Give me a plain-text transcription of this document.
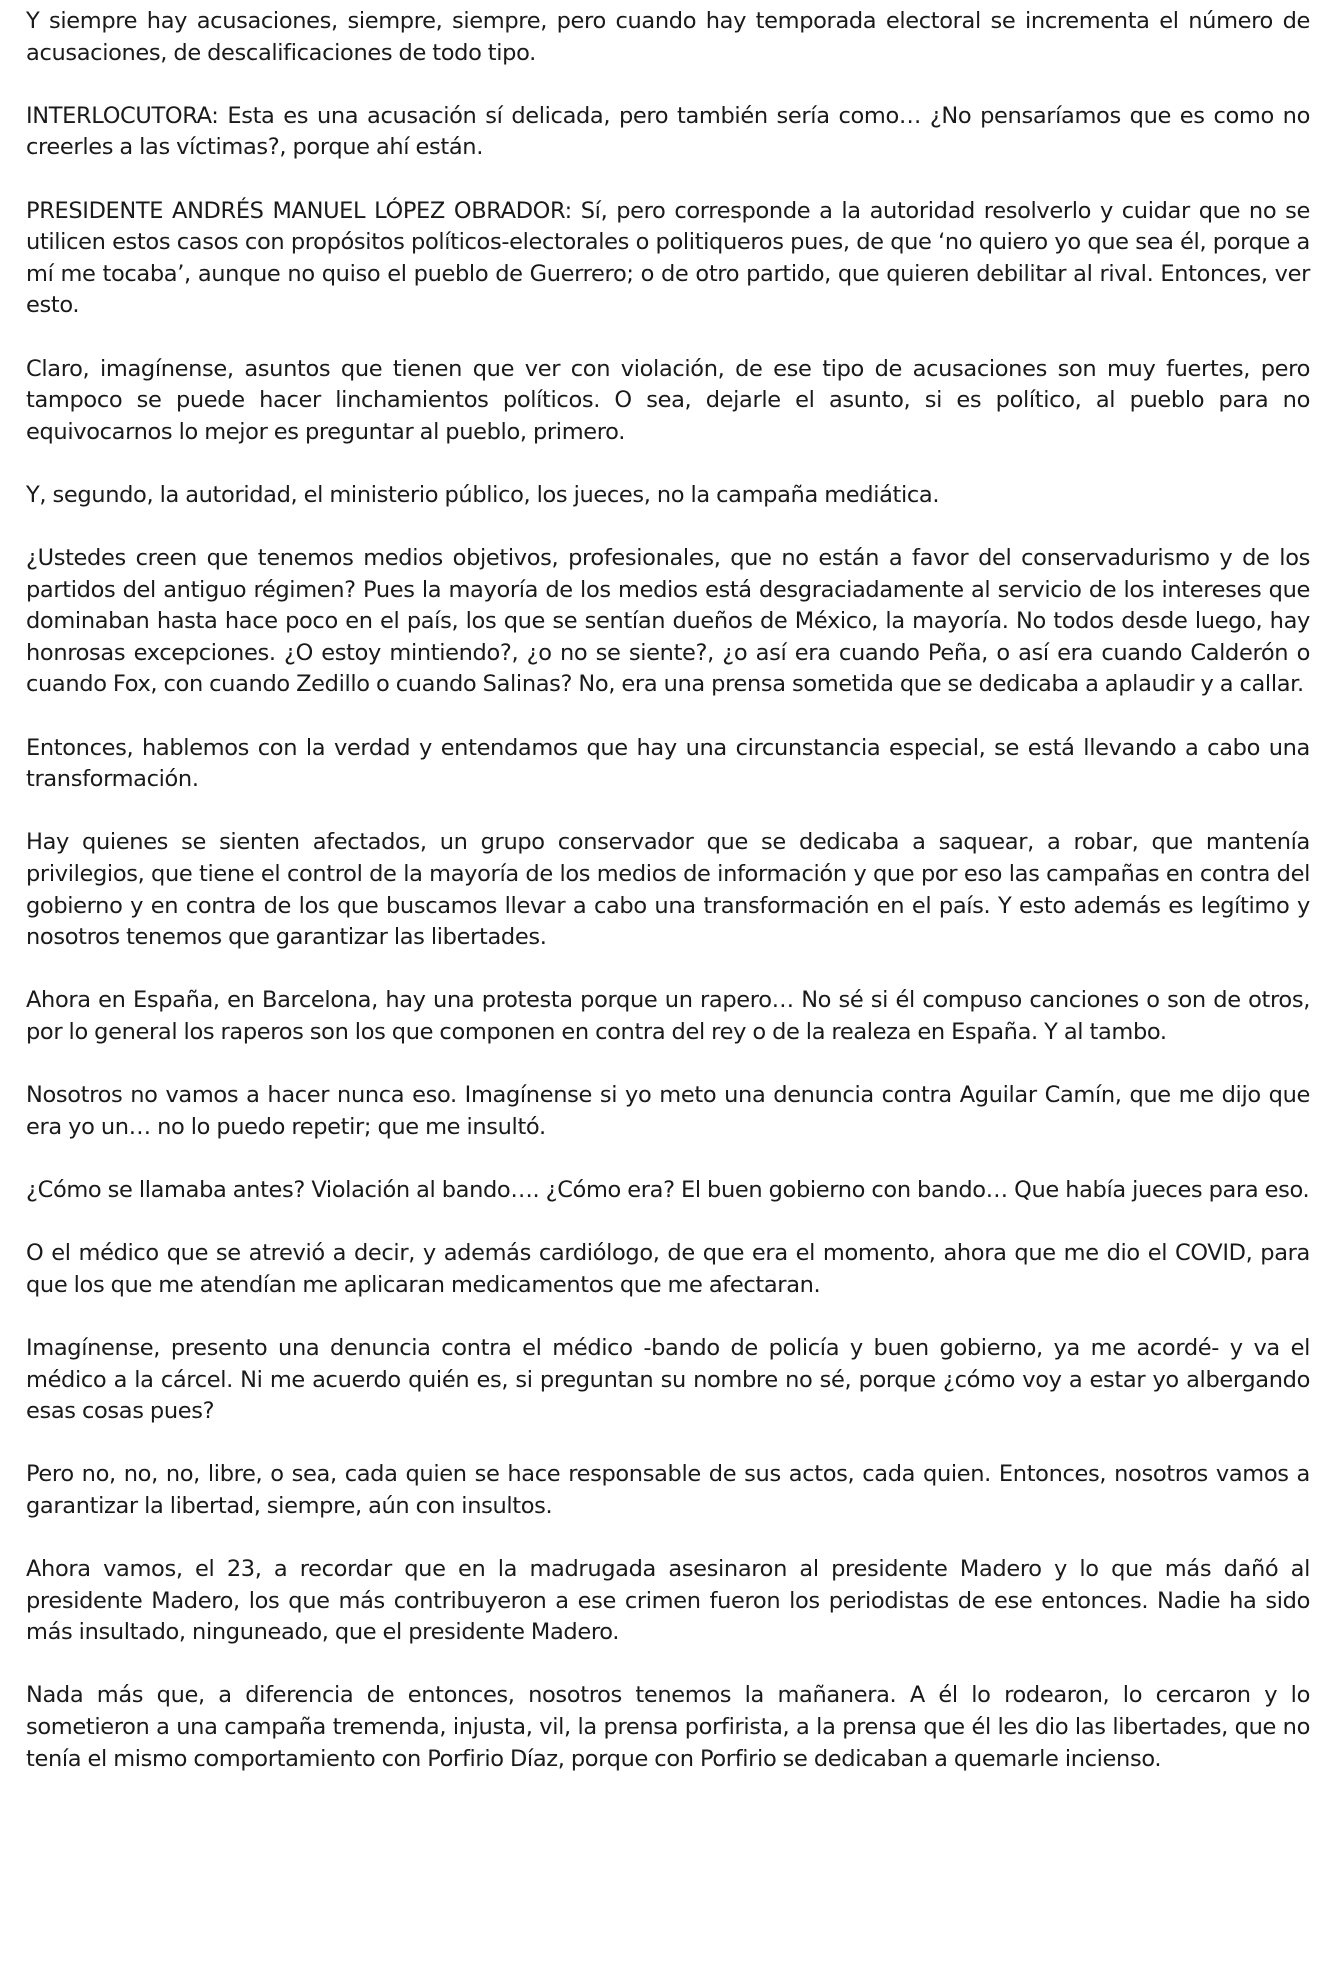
Y siempre hay acusaciones, siempre, siempre, pero cuando hay temporada electoral se incrementa el número de acusaciones, de descalificaciones de todo tipo.

INTERLOCUTORA: Esta es una acusación sí delicada, pero también sería como… ¿No pensaríamos que es como no creerles a las víctimas?, porque ahí están.

PRESIDENTE ANDRÉS MANUEL LÓPEZ OBRADOR: Sí, pero corresponde a la autoridad resolverlo y cuidar que no se utilicen estos casos con propósitos políticos-electorales o politiqueros pues, de que ‘no quiero yo que sea él, porque a mí me tocaba’, aunque no quiso el pueblo de Guerrero; o de otro partido, que quieren debilitar al rival. Entonces, ver esto.

Claro, imagínense, asuntos que tienen que ver con violación, de ese tipo de acusaciones son muy fuertes, pero tampoco se puede hacer linchamientos políticos. O sea, dejarle el asunto, si es político, al pueblo para no equivocarnos lo mejor es preguntar al pueblo, primero.

Y, segundo, la autoridad, el ministerio público, los jueces, no la campaña mediática.

¿Ustedes creen que tenemos medios objetivos, profesionales, que no están a favor del conservadurismo y de los partidos del antiguo régimen? Pues la mayoría de los medios está desgraciadamente al servicio de los intereses que dominaban hasta hace poco en el país, los que se sentían dueños de México, la mayoría. No todos desde luego, hay honrosas excepciones. ¿O estoy mintiendo?, ¿o no se siente?, ¿o así era cuando Peña, o así era cuando Calderón o cuando Fox, con cuando Zedillo o cuando Salinas? No, era una prensa sometida que se dedicaba a aplaudir y a callar.

Entonces, hablemos con la verdad y entendamos que hay una circunstancia especial, se está llevando a cabo una transformación.

Hay quienes se sienten afectados, un grupo conservador que se dedicaba a saquear, a robar, que mantenía privilegios, que tiene el control de la mayoría de los medios de información y que por eso las campañas en contra del gobierno y en contra de los que buscamos llevar a cabo una transformación en el país. Y esto además es legítimo y nosotros tenemos que garantizar las libertades.

Ahora en España, en Barcelona, hay una protesta porque un rapero… No sé si él compuso canciones o son de otros, por lo general los raperos son los que componen en contra del rey o de la realeza en España. Y al tambo.

Nosotros no vamos a hacer nunca eso. Imagínense si yo meto una denuncia contra Aguilar Camín, que me dijo que era yo un… no lo puedo repetir; que me insultó.

¿Cómo se llamaba antes? Violación al bando…. ¿Cómo era? El buen gobierno con bando… Que había jueces para eso.

O el médico que se atrevió a decir, y además cardiólogo, de que era el momento, ahora que me dio el COVID, para que los que me atendían me aplicaran medicamentos que me afectaran.

Imagínense, presento una denuncia contra el médico -bando de policía y buen gobierno, ya me acordé- y va el médico a la cárcel. Ni me acuerdo quién es, si preguntan su nombre no sé, porque ¿cómo voy a estar yo albergando esas cosas pues?

Pero no, no, no, libre, o sea, cada quien se hace responsable de sus actos, cada quien. Entonces, nosotros vamos a garantizar la libertad, siempre, aún con insultos.

Ahora vamos, el 23, a recordar que en la madrugada asesinaron al presidente Madero y lo que más dañó al presidente Madero, los que más contribuyeron a ese crimen fueron los periodistas de ese entonces. Nadie ha sido más insultado, ninguneado, que el presidente Madero.

Nada más que, a diferencia de entonces, nosotros tenemos la mañanera. A él lo rodearon, lo cercaron y lo sometieron a una campaña tremenda, injusta, vil, la prensa porfirista, a la prensa que él les dio las libertades, que no tenía el mismo comportamiento con Porfirio Díaz, porque con Porfirio se dedicaban a quemarle incienso.
